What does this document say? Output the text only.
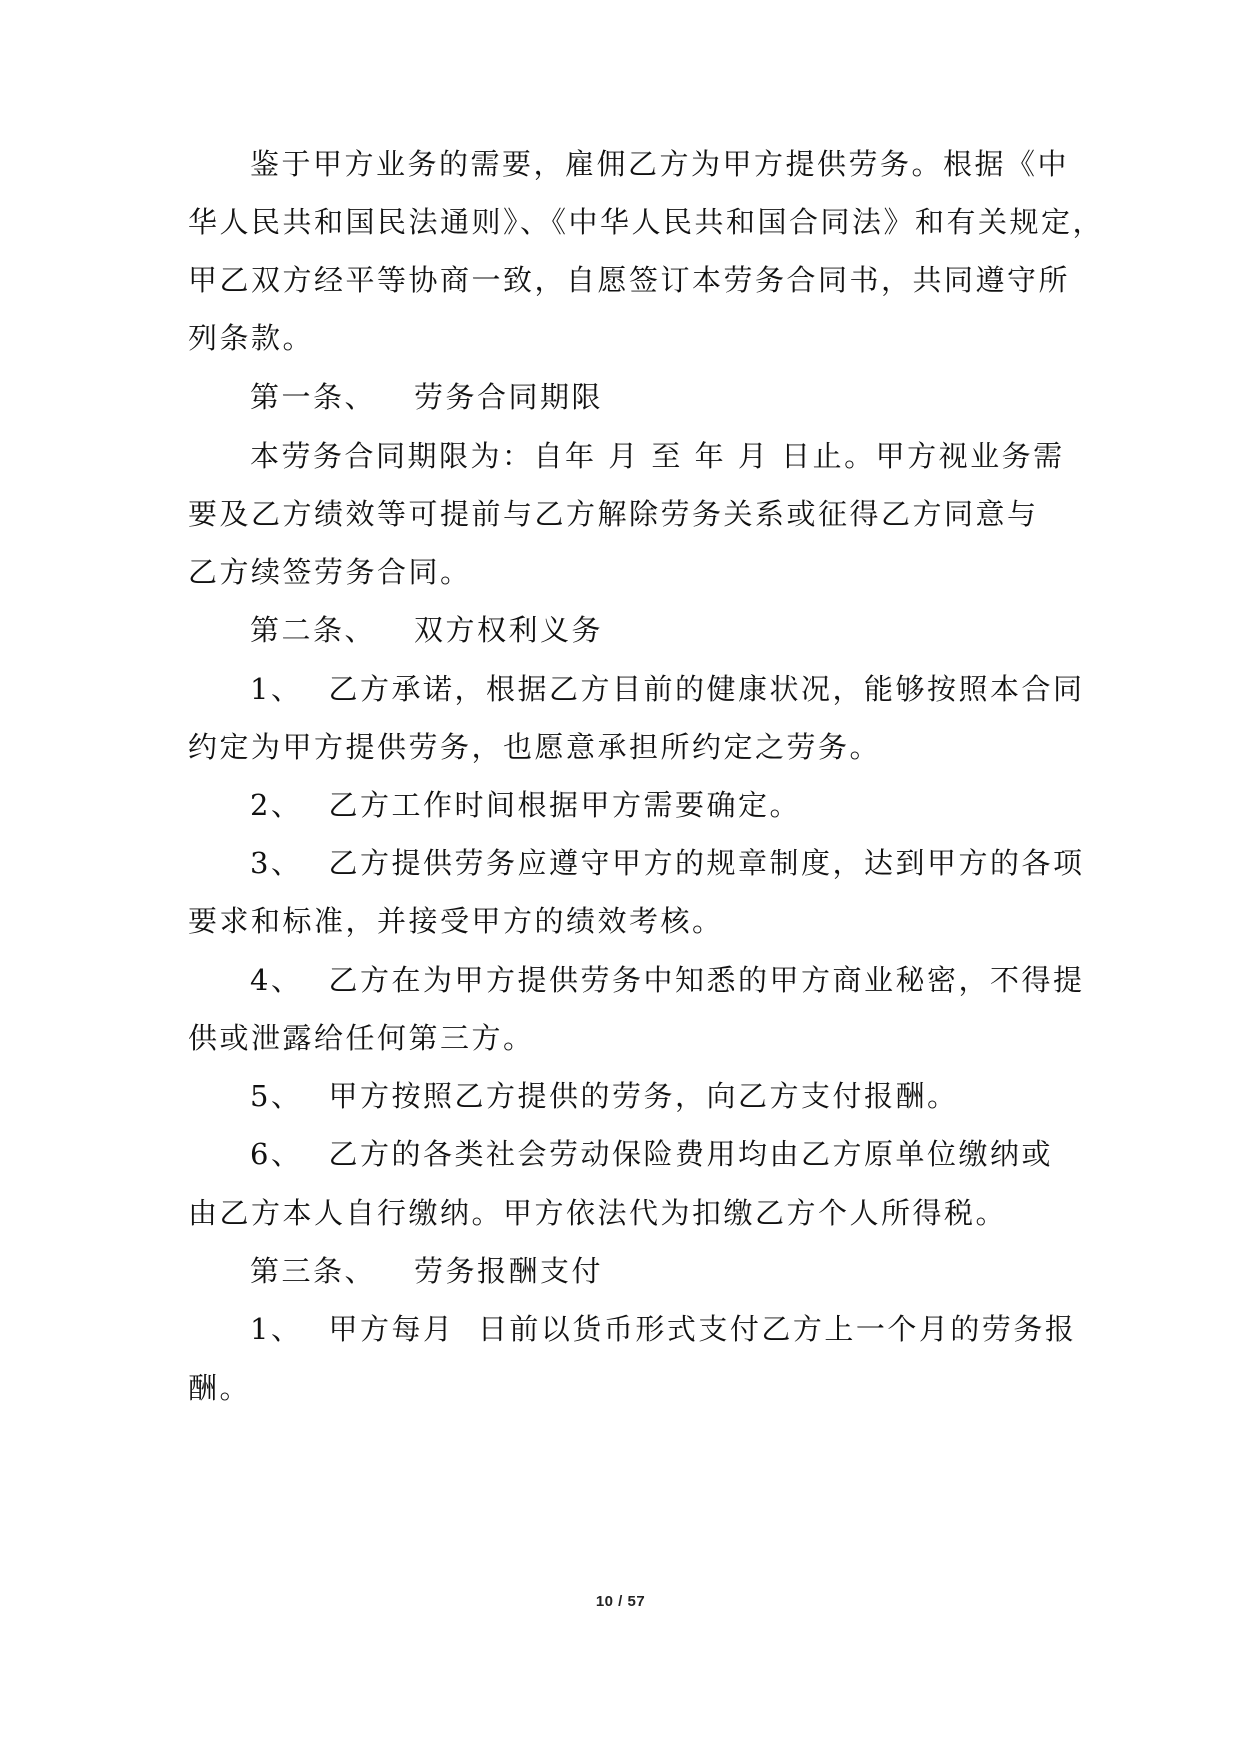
鉴于甲方业务的需要，雇佣乙方为甲方提供劳务。根据《中
华人民共和国民法通则》、《中华人民共和国合同法》和有关规定，
甲乙双方经平等协商一致，自愿签订本劳务合同书，共同遵守所
列条款。
第一条、 劳务合同期限
本劳务合同期限为：自年 月 至 年 月 日止。甲方视业务需
要及乙方绩效等可提前与乙方解除劳务关系或征得乙方同意与
乙方续签劳务合同。
第二条、 双方权利义务
1、 乙方承诺，根据乙方目前的健康状况，能够按照本合同
约定为甲方提供劳务，也愿意承担所约定之劳务。
2、 乙方工作时间根据甲方需要确定。
3、 乙方提供劳务应遵守甲方的规章制度，达到甲方的各项
要求和标准，并接受甲方的绩效考核。
4、 乙方在为甲方提供劳务中知悉的甲方商业秘密，不得提
供或泄露给任何第三方。
5、 甲方按照乙方提供的劳务，向乙方支付报酬。
6、 乙方的各类社会劳动保险费用均由乙方原单位缴纳或
由乙方本人自行缴纳。甲方依法代为扣缴乙方个人所得税。
第三条、 劳务报酬支付
1、 甲方每月  日前以货币形式支付乙方上一个月的劳务报
酬。
10 / 57
